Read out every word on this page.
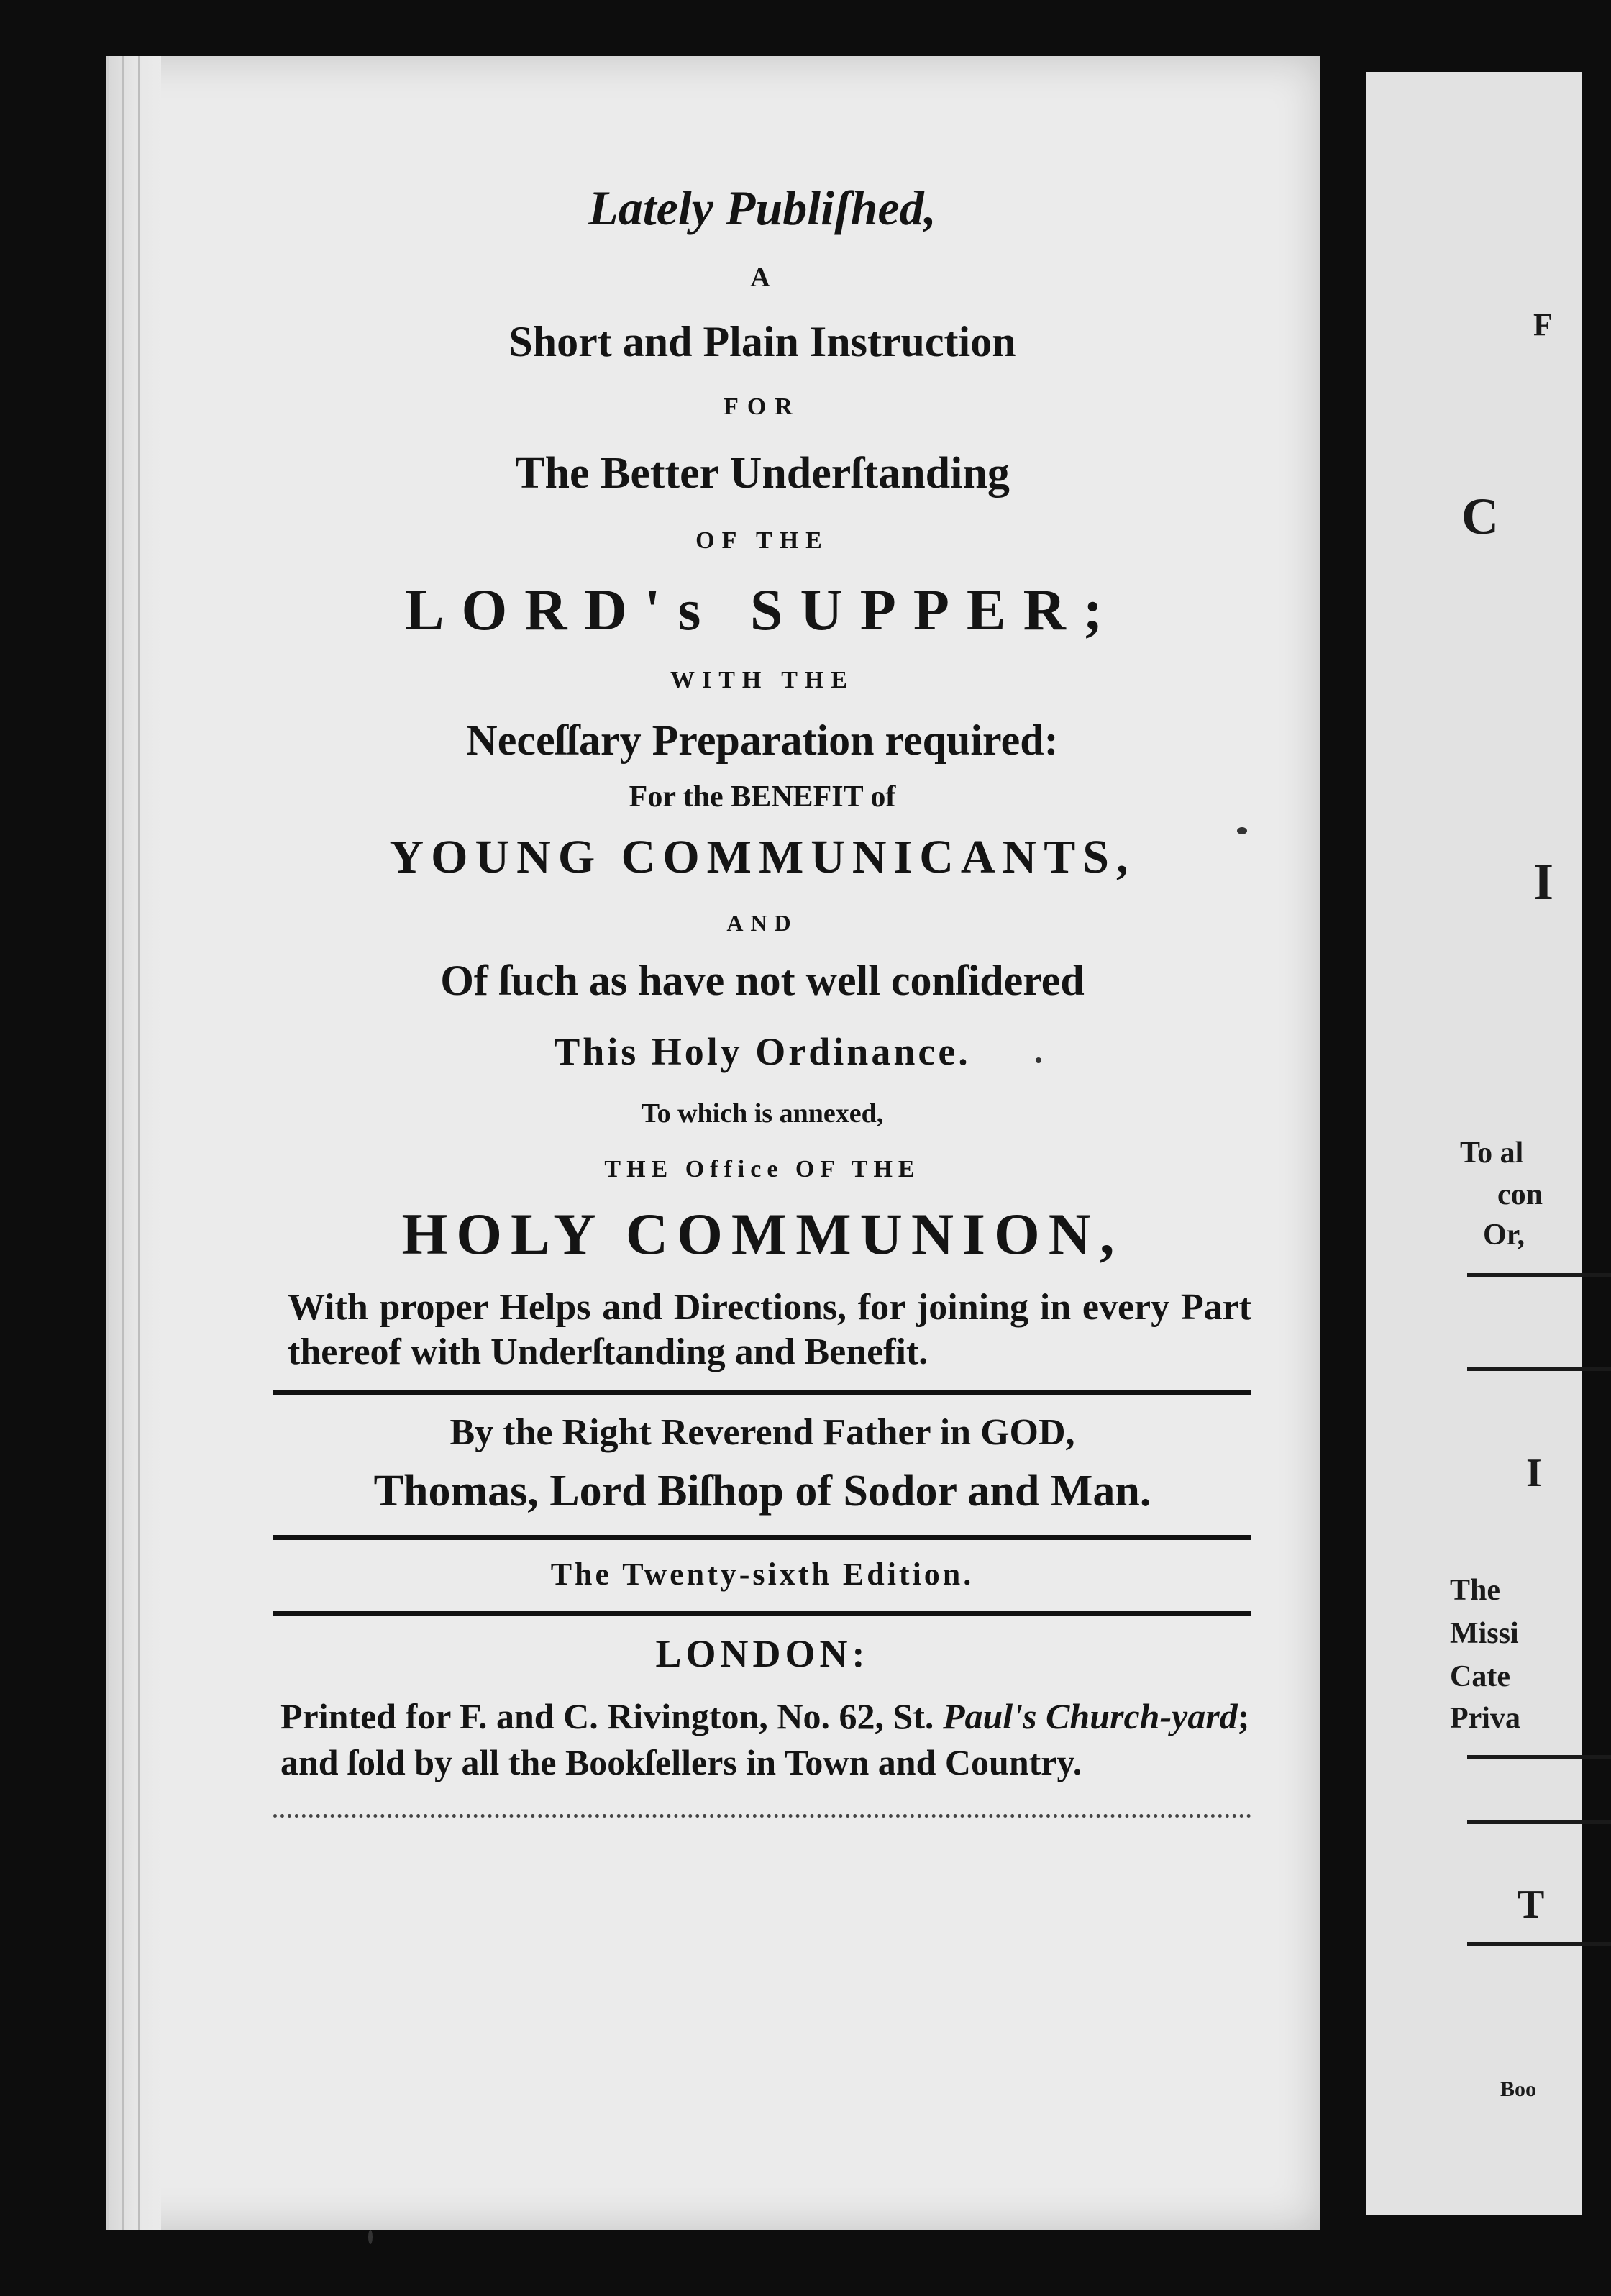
F
C
I
To al
con
Or,
I
The
Missi
Cate
Priva
T
Boo
Lately Publiſhed,
A
Short and Plain Instruction
FOR
The Better Underſtanding
OF THE
LORD's SUPPER;
WITH THE
Neceſſary Preparation required:
For the BENEFIT of
YOUNG COMMUNICANTS,
AND
Of ſuch as have not well conſidered
This Holy Ordinance.
To which is annexed,
THE Office OF THE
HOLY COMMUNION,
With proper Helps and Directions, for joining in every Part thereof with Underſtanding and Benefit.
By the Right Reverend Father in GOD,
Thomas, Lord Biſhop of Sodor and Man.
The Twenty-sixth Edition.
LONDON:
Printed for F. and C. Rivington, No. 62, St. Paul's Church-yard; and ſold by all the Bookſellers in Town and Country.
